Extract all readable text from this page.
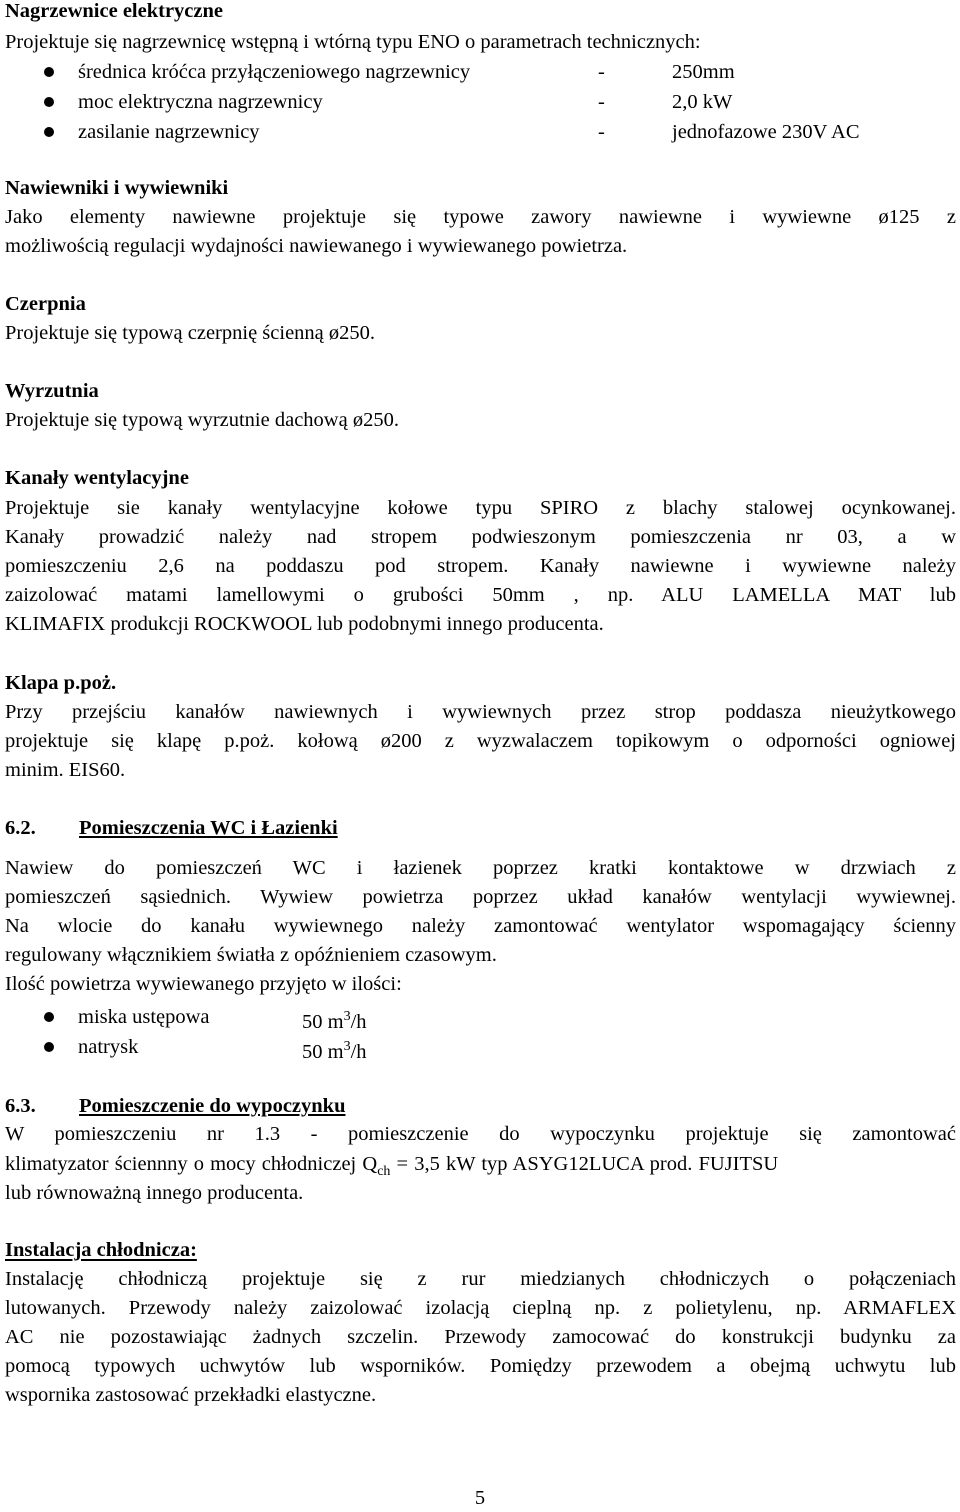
Nagrzewnice elektryczne
Projektuje się nagrzewnicę wstępną i wtórną typu ENO o parametrach technicznych:
średnica króćca przyłączeniowego nagrzewnicy	-	250mm
moc elektryczna nagrzewnicy	-	2,0 kW
zasilanie nagrzewnicy	-	jednofazowe 230V AC
Nawiewniki i wywiewniki
Jako elementy nawiewne projektuje się typowe zawory nawiewne i wywiewne ø125 z
możliwością regulacji wydajności nawiewanego i wywiewanego powietrza.
Czerpnia
Projektuje się typową czerpnię ścienną ø250.
Wyrzutnia
Projektuje się typową wyrzutnie dachową ø250.
Kanały wentylacyjne
Projektuje sie kanały wentylacyjne kołowe typu SPIRO z blachy stalowej ocynkowanej.
Kanały prowadzić należy nad stropem podwieszonym pomieszczenia nr 03, a w
pomieszczeniu 2,6 na poddaszu pod stropem. Kanały nawiewne i wywiewne należy
zaizolować matami lamellowymi o grubości 50mm , np. ALU LAMELLA MAT lub
KLIMAFIX produkcji ROCKWOOL lub podobnymi innego producenta.
Klapa p.poż.
Przy przejściu kanałów nawiewnych i wywiewnych przez strop poddasza nieużytkowego
projektuje się klapę p.poż. kołową ø200 z wyzwalaczem topikowym o odporności ogniowej
minim. EIS60.
6.2. Pomieszczenia WC i Łazienki
Nawiew do pomieszczeń WC i łazienek poprzez kratki kontaktowe w drzwiach z
pomieszczeń sąsiednich. Wywiew powietrza poprzez układ kanałów wentylacji wywiewnej.
Na wlocie do kanału wywiewnego należy zamontować wentylator wspomagający ścienny
regulowany włącznikiem światła z opóźnieniem czasowym.
Ilość powietrza wywiewanego przyjęto w ilości:
miska ustępowa	50 $m^3/h$
natrysk	50 $m^3/h$
6.3. Pomieszczenie do wypoczynku
W pomieszczeniu nr 1.3 - pomieszczenie do wypoczynku projektuje się zamontować
klimatyzator ściennny o mocy chłodniczej $Q_{ch} = 3,5$ kW typ ASYG12LUCA prod. FUJITSU
lub równoważną innego producenta.
Instalacja chłodnicza:
Instalację chłodniczą projektuje się z rur miedzianych chłodniczych o połączeniach
lutowanych. Przewody należy zaizolować izolacją cieplną np. z polietylenu, np. ARMAFLEX
AC nie pozostawiając żadnych szczelin. Przewody zamocować do konstrukcji budynku za
pomocą typowych uchwytów lub wsporników. Pomiędzy przewodem a obejmą uchwytu lub
wspornika zastosować przekładki elastyczne.
5
